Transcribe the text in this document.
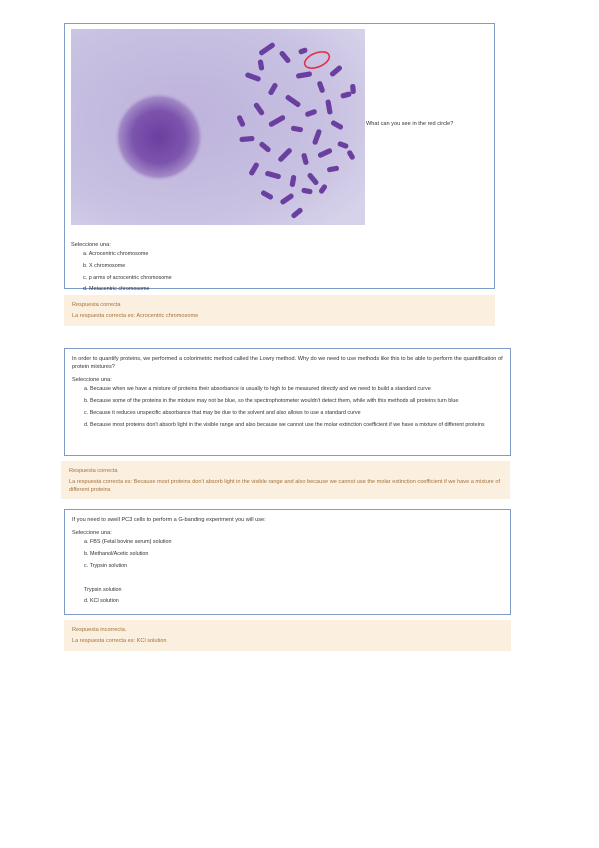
Seleccione una:
a. Acrocentric chromosome
b. X chromosome
c. p arms of acrocentric chromosome
d. Metacentric chromosome
What can you see in the red circle?
Respuesta correcta
La respuesta correcta es: Acrocentric chromosome
In order to quantify proteins, we performed a colorimetric method called the Lowry method. Why do we need to use methods like this to be able to perform the quantification of protein mixtures?
Seleccione una:
a. Because when we have a mixture of proteins their absorbance is usually to high to be measured directly and we need to build a standard curve
b. Because some of the proteins in the mixture may not be blue, so the spectrophotometer wouldn't detect them, while with this methods all proteins turn blue
c. Because it reduces unspecific absorbance that may be due to the solvent and also allows to use a standard curve
d. Because most proteins don't absorb light in the visible range and also because we cannot use the molar extinction coefficient if we have a mixture of different proteins
Respuesta correcta
La respuesta correcta es: Because most proteins don't absorb light in the visible range and also because we cannot use the molar extinction coefficient if we have a mixture of different proteins
If you need to swell PC3 cells to perform a G-banding experiment you will use:
Seleccione una:
a. FBS (Fetal bovine serum) solution
b. Methanol/Acetic solution
c. Trypsin solution
Trypsin solution
d. KCl solution
Respuesta incorrecta.
La respuesta correcta es: KCl solution
